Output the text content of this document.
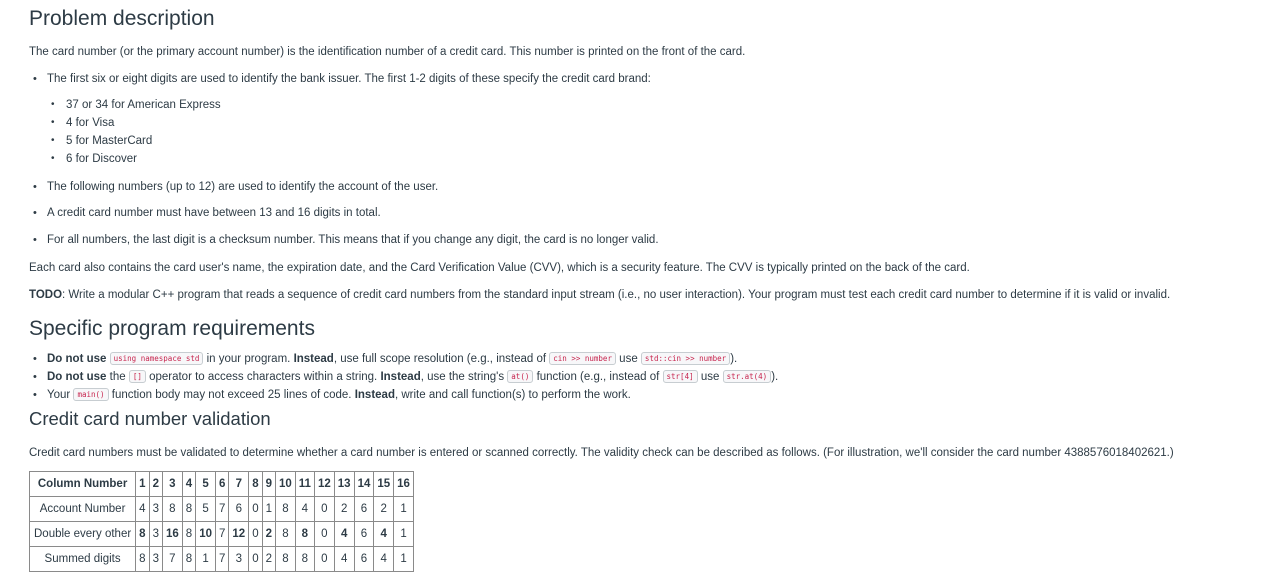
Problem description

The card number (or the primary account number) is the identification number of a credit card. This number is printed on the front of the card.

• The first six or eight digits are used to identify the bank issuer. The first 1-2 digits of these specify the credit card brand:
• 37 or 34 for American Express
• 4 for Visa
• 5 for MasterCard
• 6 for Discover
• The following numbers (up to 12) are used to identify the account of the user.
• A credit card number must have between 13 and 16 digits in total.
• For all numbers, the last digit is a checksum number. This means that if you change any digit, the card is no longer valid.

Each card also contains the card user's name, the expiration date, and the Card Verification Value (CVV), which is a security feature. The CVV is typically printed on the back of the card.

TODO: Write a modular C++ program that reads a sequence of credit card numbers from the standard input stream (i.e., no user interaction). Your program must test each credit card number to determine if it is valid or invalid.

Specific program requirements
• Do not use using namespace std in your program. Instead, use full scope resolution (e.g., instead of cin >> number use std::cin >> number ).
• Do not use the [] operator to access characters within a string. Instead, use the string's at() function (e.g., instead of str[4] use str.at(4) ).
• Your main() function body may not exceed 25 lines of code. Instead, write and call function(s) to perform the work.
Credit card number validation

Credit card numbers must be validated to determine whether a card number is entered or scanned correctly. The validity check can be described as follows. (For illustration, we'll consider the card number 4388576018402621.)

Column Number	1	2	3	4	5	6	7	8	9	10	11	12	13	14	15	16
Account Number	4	3	8	8	5	7	6	0	1	8	4	0	2	6	2	1
Double every other	8	3	16	8	10	7	12	0	2	8	8	0	4	6	4	1
Summed digits	8	3	7	8	1	7	3	0	2	8	8	0	4	6	4	1
